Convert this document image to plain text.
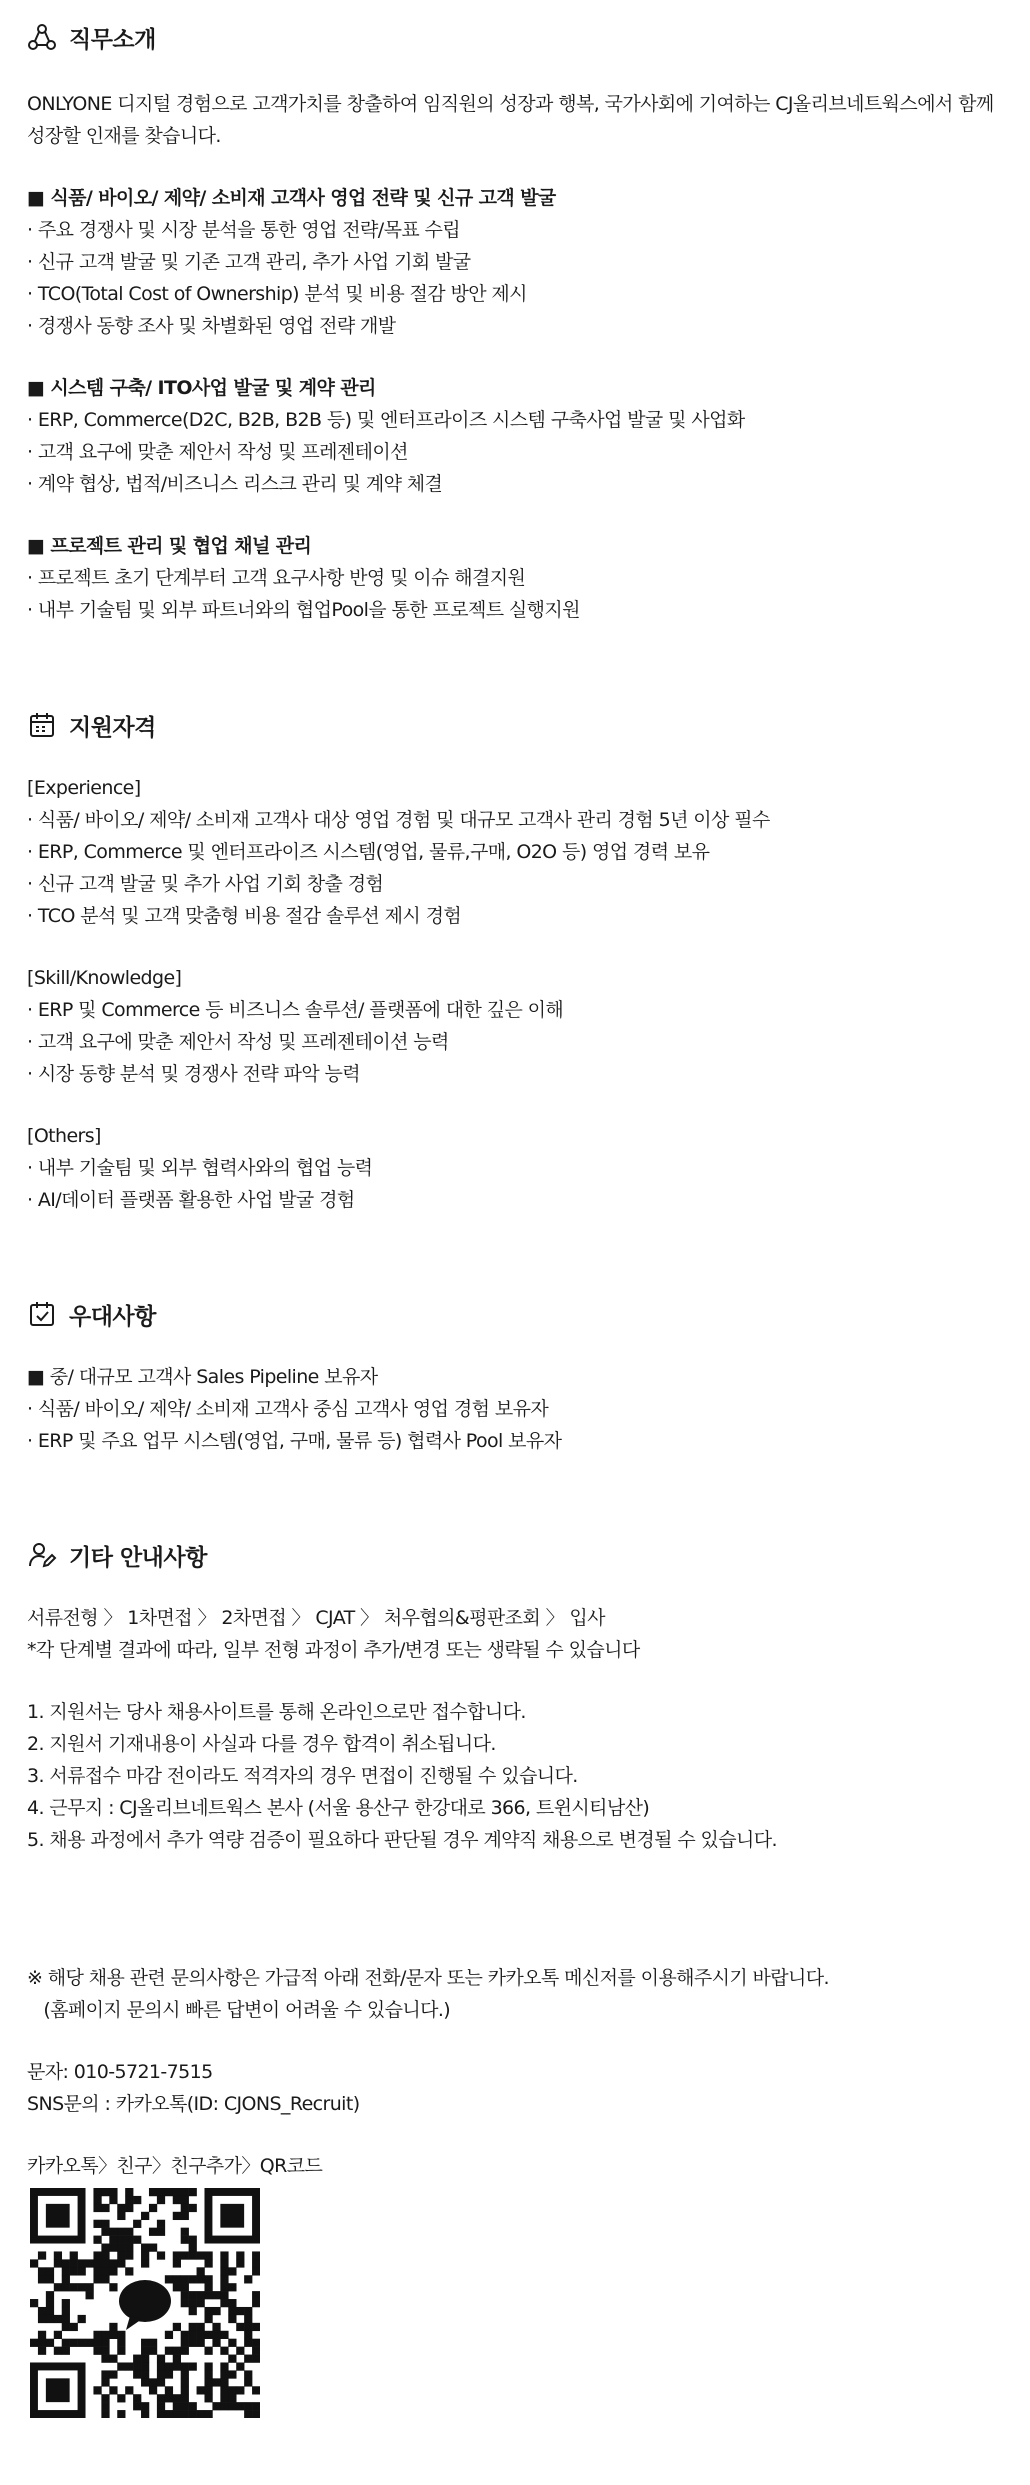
직무소개
ONLYONE 디지털 경험으로 고객가치를 창출하여 임직원의 성장과 행복, 국가사회에 기여하는 CJ올리브네트웍스에서 함께
성장할 인재를 찾습니다.
■ 식품/ 바이오/ 제약/ 소비재 고객사 영업 전략 및 신규 고객 발굴
· 주요 경쟁사 및 시장 분석을 통한 영업 전략/목표 수립
· 신규 고객 발굴 및 기존 고객 관리, 추가 사업 기회 발굴
· TCO(Total Cost of Ownership) 분석 및 비용 절감 방안 제시
· 경쟁사 동향 조사 및 차별화된 영업 전략 개발
■ 시스템 구축/ ITO사업 발굴 및 계약 관리
· ERP, Commerce(D2C, B2B, B2B 등) 및 엔터프라이즈 시스템 구축사업 발굴 및 사업화
· 고객 요구에 맞춘 제안서 작성 및 프레젠테이션
· 계약 협상, 법적/비즈니스 리스크 관리 및 계약 체결
■ 프로젝트 관리 및 협업 채널 관리
· 프로젝트 초기 단계부터 고객 요구사항 반영 및 이슈 해결지원
· 내부 기술팀 및 외부 파트너와의 협업Pool을 통한 프로젝트 실행지원
지원자격
[Experience]
· 식품/ 바이오/ 제약/ 소비재 고객사 대상 영업 경험 및 대규모 고객사 관리 경험 5년 이상 필수
· ERP, Commerce 및 엔터프라이즈 시스템(영업, 물류,구매, O2O 등) 영업 경력 보유
· 신규 고객 발굴 및 추가 사업 기회 창출 경험
· TCO 분석 및 고객 맞춤형 비용 절감 솔루션 제시 경험
[Skill/Knowledge]
· ERP 및 Commerce 등 비즈니스 솔루션/ 플랫폼에 대한 깊은 이해
· 고객 요구에 맞춘 제안서 작성 및 프레젠테이션 능력
· 시장 동향 분석 및 경쟁사 전략 파악 능력
[Others]
· 내부 기술팀 및 외부 협력사와의 협업 능력
· AI/데이터 플랫폼 활용한 사업 발굴 경험
우대사항
■ 중/ 대규모 고객사 Sales Pipeline 보유자
· 식품/ 바이오/ 제약/ 소비재 고객사 중심 고객사 영업 경험 보유자
· ERP 및 주요 업무 시스템(영업, 구매, 물류 등) 협력사 Pool 보유자
기타 안내사항
서류전형 〉 1차면접 〉 2차면접 〉 CJAT 〉 처우협의&평판조회 〉 입사
*각 단계별 결과에 따라, 일부 전형 과정이 추가/변경 또는 생략될 수 있습니다
1. 지원서는 당사 채용사이트를 통해 온라인으로만 접수합니다.
2. 지원서 기재내용이 사실과 다를 경우 합격이 취소됩니다.
3. 서류접수 마감 전이라도 적격자의 경우 면접이 진행될 수 있습니다.
4. 근무지 : CJ올리브네트웍스 본사 (서울 용산구 한강대로 366, 트윈시티남산)
5. 채용 과정에서 추가 역량 검증이 필요하다 판단될 경우 계약직 채용으로 변경될 수 있습니다.
※ 해당 채용 관련 문의사항은 가급적 아래 전화/문자 또는 카카오톡 메신저를 이용해주시기 바랍니다.
(홈페이지 문의시 빠른 답변이 어려울 수 있습니다.)
문자: 010-5721-7515
SNS문의 : 카카오톡(ID: CJONS_Recruit)
카카오톡〉친구〉친구추가〉QR코드
